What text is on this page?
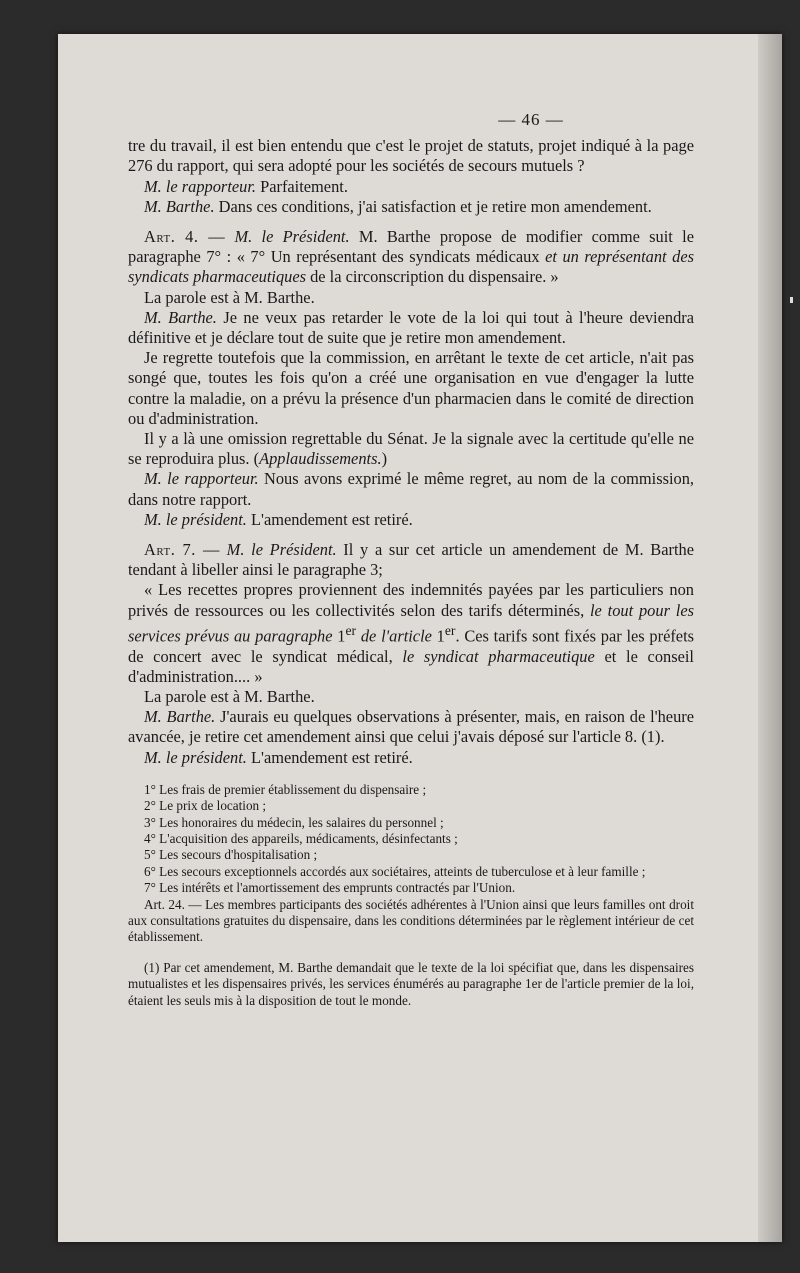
— 46 —

tre du travail, il est bien entendu que c'est le projet de statuts, projet indiqué à la page 276 du rapport, qui sera adopté pour les sociétés de secours mutuels ?

M. le rapporteur. Parfaitement.

M. Barthe. Dans ces conditions, j'ai satisfaction et je retire mon amendement.

Art. 4. — M. le Président. M. Barthe propose de modifier comme suit le paragraphe 7° : « 7° Un représentant des syndicats médicaux et un représentant des syndicats pharmaceutiques de la circonscription du dispensaire. »

La parole est à M. Barthe.

M. Barthe. Je ne veux pas retarder le vote de la loi qui tout à l'heure deviendra définitive et je déclare tout de suite que je retire mon amendement.

Je regrette toutefois que la commission, en arrêtant le texte de cet article, n'ait pas songé que, toutes les fois qu'on a créé une organisation en vue d'engager la lutte contre la maladie, on a prévu la présence d'un pharmacien dans le comité de direction ou d'administration.

Il y a là une omission regrettable du Sénat. Je la signale avec la certitude qu'elle ne se reproduira plus. (Applaudissements.)

M. le rapporteur. Nous avons exprimé le même regret, au nom de la commission, dans notre rapport.

M. le président. L'amendement est retiré.

Art. 7. — M. le Président. Il y a sur cet article un amendement de M. Barthe tendant à libeller ainsi le paragraphe 3;

« Les recettes propres proviennent des indemnités payées par les particuliers non privés de ressources ou les collectivités selon des tarifs déterminés, le tout pour les services prévus au paragraphe 1er de l'article 1er. Ces tarifs sont fixés par les préfets de concert avec le syndicat médical, le syndicat pharmaceutique et le conseil d'administration.... »

La parole est à M. Barthe.

M. Barthe. J'aurais eu quelques observations à présenter, mais, en raison de l'heure avancée, je retire cet amendement ainsi que celui j'avais déposé sur l'article 8. (1).

M. le président. L'amendement est retiré.

1° Les frais de premier établissement du dispensaire ;

2° Le prix de location ;

3° Les honoraires du médecin, les salaires du personnel ;

4° L'acquisition des appareils, médicaments, désinfectants ;

5° Les secours d'hospitalisation ;

6° Les secours exceptionnels accordés aux sociétaires, atteints de tuberculose et à leur famille ;

7° Les intérêts et l'amortissement des emprunts contractés par l'Union.

Art. 24. — Les membres participants des sociétés adhérentes à l'Union ainsi que leurs familles ont droit aux consultations gratuites du dispensaire, dans les conditions déterminées par le règlement intérieur de cet établissement.

(1) Par cet amendement, M. Barthe demandait que le texte de la loi spécifiat que, dans les dispensaires mutualistes et les dispensaires privés, les services énumérés au paragraphe 1er de l'article premier de la loi, étaient les seuls mis à la disposition de tout le monde.
